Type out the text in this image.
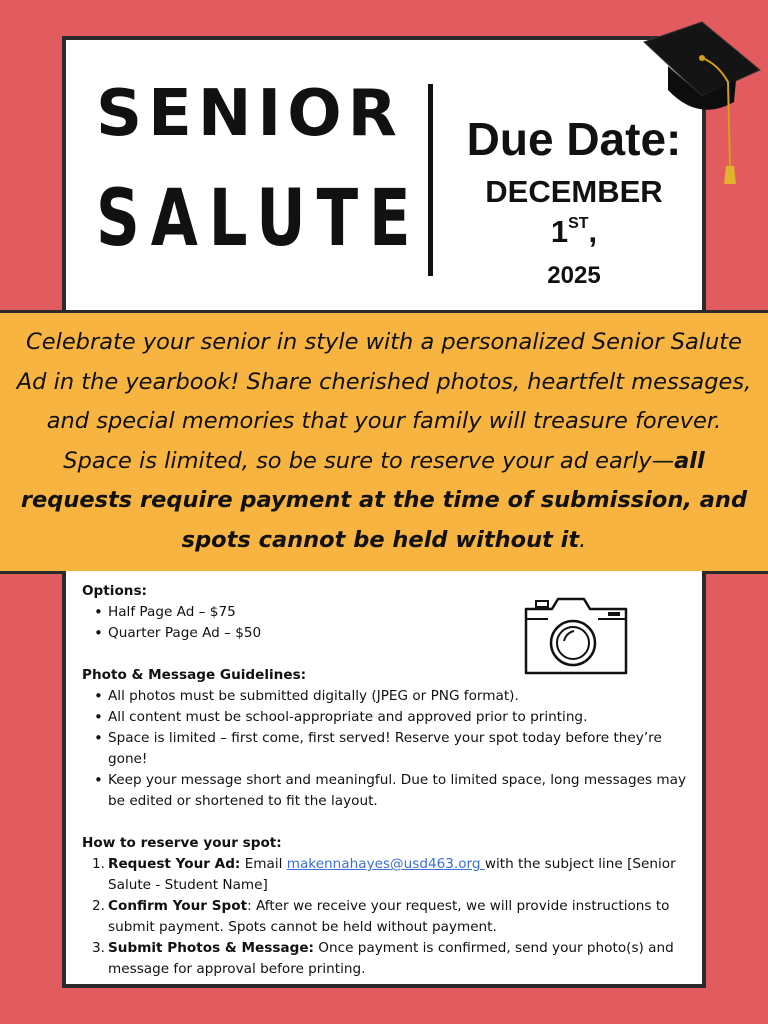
SENIOR
SALUTE
Due Date:
DECEMBER
1ST,
2025
Celebrate your senior in style with a personalized Senior Salute Ad in the yearbook! Share cherished photos, heartfelt messages, and special memories that your family will treasure forever. Space is limited, so be sure to reserve your ad early—all requests require payment at the time of submission, and spots cannot be held without it.
Options:
• Half Page Ad – $75
• Quarter Page Ad – $50
Photo & Message Guidelines:
• All photos must be submitted digitally (JPEG or PNG format).
• All content must be school-appropriate and approved prior to printing.
• Space is limited – first come, first served! Reserve your spot today before they’re gone!
• Keep your message short and meaningful. Due to limited space, long messages may be edited or shortened to fit the layout.
How to reserve your spot:
1. Request Your Ad: Email makennahayes@usd463.org with the subject line [Senior Salute - Student Name]
2. Confirm Your Spot: After we receive your request, we will provide instructions to submit payment. Spots cannot be held without payment.
3. Submit Photos & Message: Once payment is confirmed, send your photo(s) and message for approval before printing.
